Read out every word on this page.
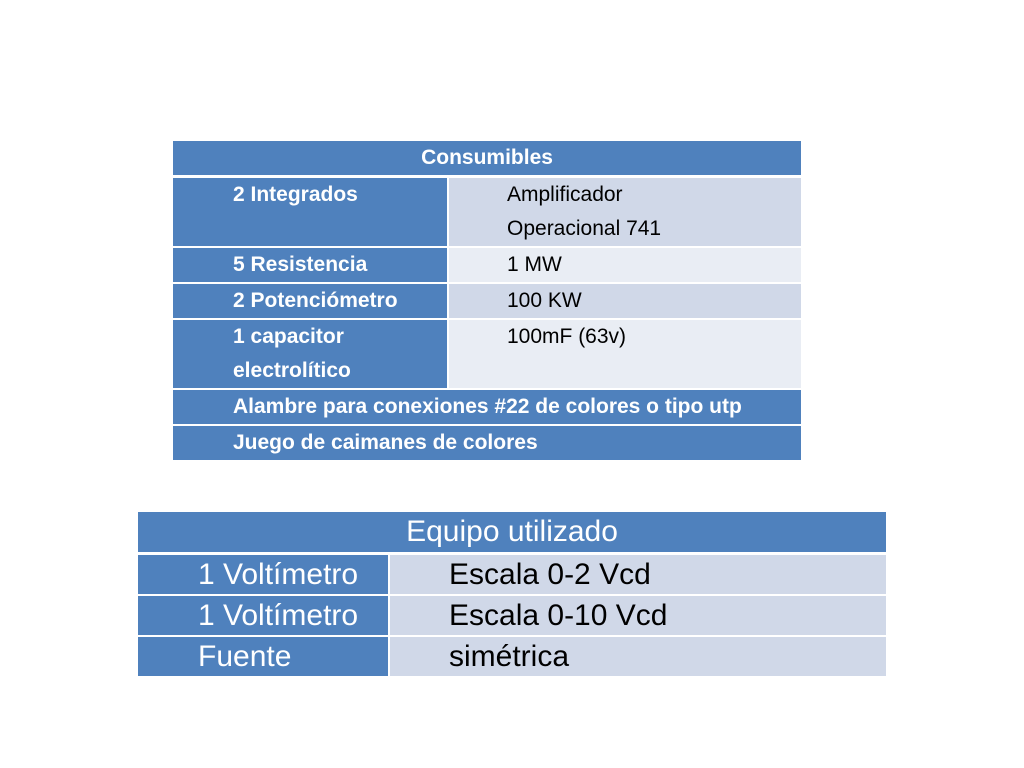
Consumibles	
2 Integrados	Amplificador Operacional 741
5 Resistencia	1 MW
2 Potenciómetro	100 KW
1 capacitor electrolítico	100mF (63v)
Alambre para conexiones #22 de colores o tipo utp	
Juego de caimanes de colores	
Equipo utilizado	
1 Voltímetro	Escala 0-2 Vcd
1 Voltímetro	Escala 0-10 Vcd
Fuente	simétrica
